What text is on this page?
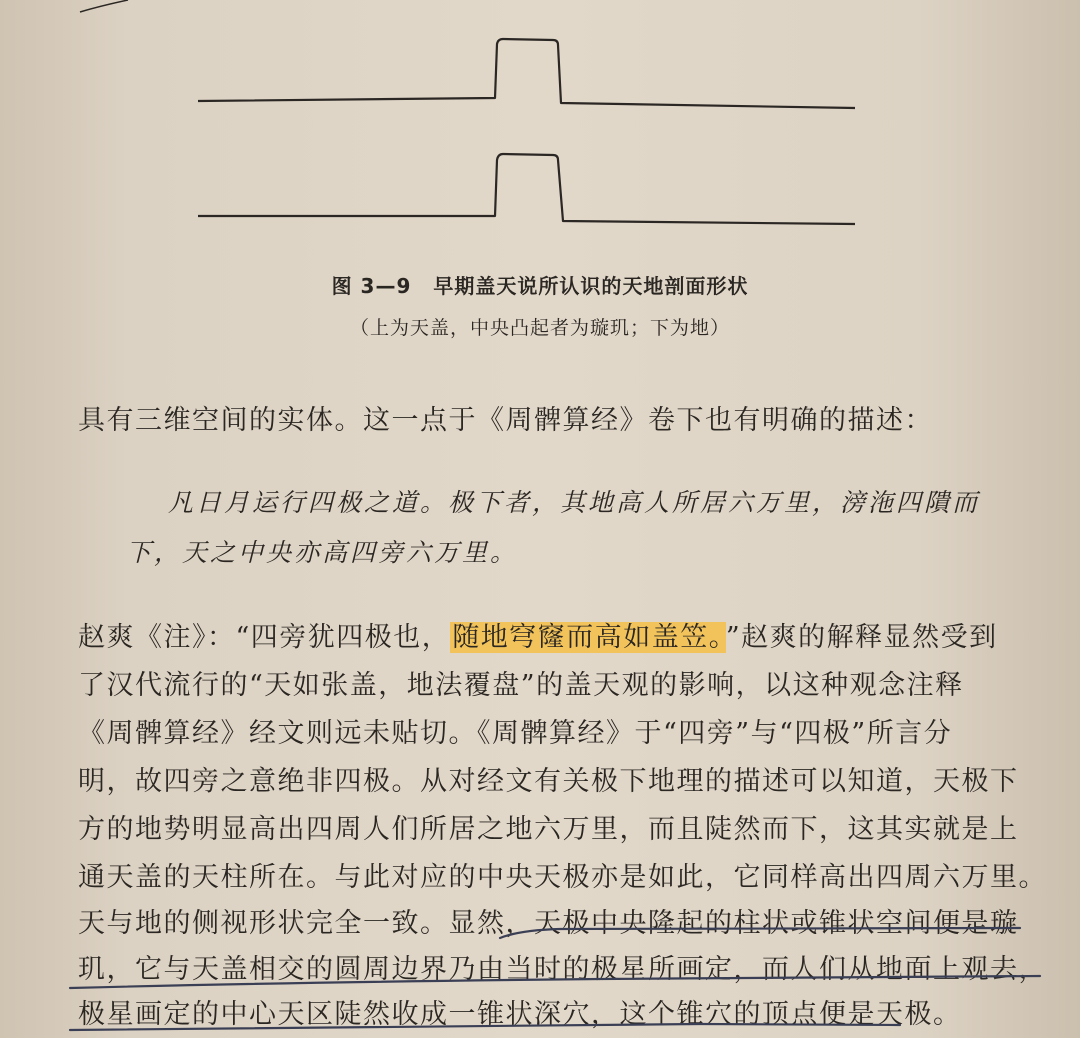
图 3—9 早期盖天说所认识的天地剖面形状
（上为天盖，中央凸起者为璇玑；下为地）
具有三维空间的实体。这一点于《周髀算经》卷下也有明确的描述：
凡日月运行四极之道。极下者，其地高人所居六万里，滂沲四隤而
下，天之中央亦高四旁六万里。
赵爽《注》：“四旁犹四极也，随地穹窿而高如盖笠。”赵爽的解释显然受到
了汉代流行的“天如张盖，地法覆盘”的盖天观的影响，以这种观念注释
《周髀算经》经文则远未贴切。《周髀算经》于“四旁”与“四极”所言分
明，故四旁之意绝非四极。从对经文有关极下地理的描述可以知道，天极下
方的地势明显高出四周人们所居之地六万里，而且陡然而下，这其实就是上
通天盖的天柱所在。与此对应的中央天极亦是如此，它同样高出四周六万里。
天与地的侧视形状完全一致。显然，天极中央隆起的柱状或锥状空间便是璇
玑，它与天盖相交的圆周边界乃由当时的极星所画定，而人们从地面上观去，
极星画定的中心天区陡然收成一锥状深穴，这个锥穴的顶点便是天极。
